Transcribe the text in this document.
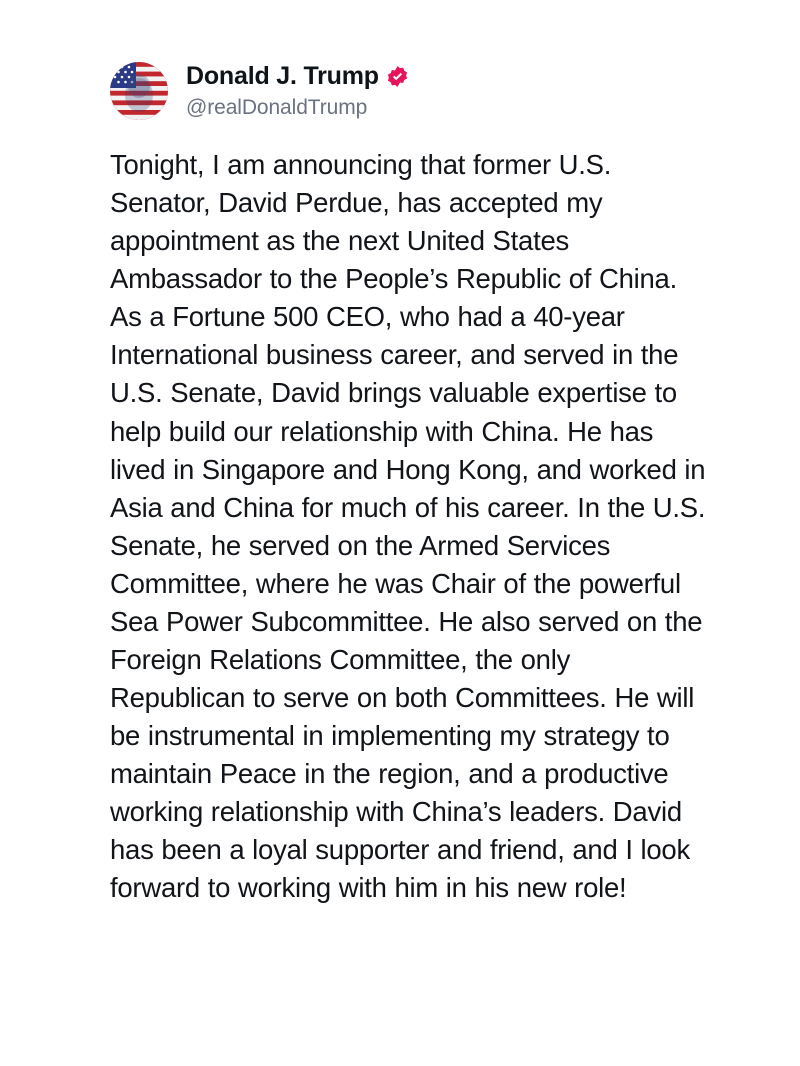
Donald J. Trump
@realDonaldTrump
Tonight, I am announcing that former U.S. Senator, David Perdue, has accepted my appointment as the next United States Ambassador to the People’s Republic of China. As a Fortune 500 CEO, who had a 40-year International business career, and served in the U.S. Senate, David brings valuable expertise to help build our relationship with China. He has lived in Singapore and Hong Kong, and worked in Asia and China for much of his career. In the U.S. Senate, he served on the Armed Services Committee, where he was Chair of the powerful Sea Power Subcommittee. He also served on the Foreign Relations Committee, the only Republican to serve on both Committees. He will be instrumental in implementing my strategy to maintain Peace in the region, and a productive working relationship with China’s leaders. David has been a loyal supporter and friend, and I look forward to working with him in his new role!
